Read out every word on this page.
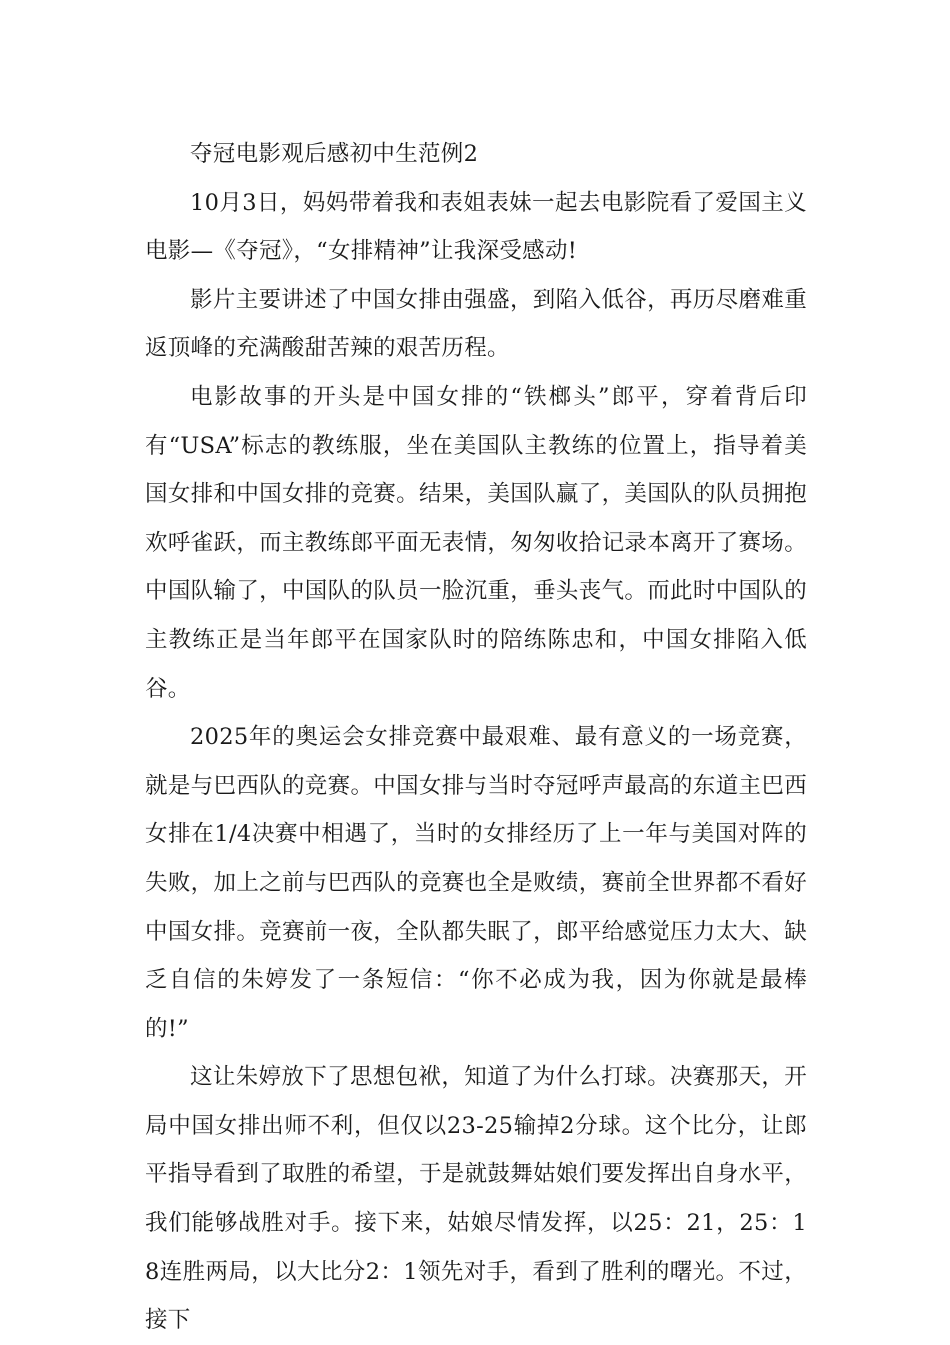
夺冠电影观后感初中生范例2

10月3日，妈妈带着我和表姐表妹一起去电影院看了爱国主义电影—《夺冠》，“女排精神”让我深受感动!

影片主要讲述了中国女排由强盛，到陷入低谷，再历尽磨难重返顶峰的充满酸甜苦辣的艰苦历程。

电影故事的开头是中国女排的“铁榔头”郎平，穿着背后印有“USA”标志的教练服，坐在美国队主教练的位置上，指导着美国女排和中国女排的竞赛。结果，美国队赢了，美国队的队员拥抱欢呼雀跃，而主教练郎平面无表情，匆匆收拾记录本离开了赛场。中国队输了，中国队的队员一脸沉重，垂头丧气。而此时中国队的主教练正是当年郎平在国家队时的陪练陈忠和，中国女排陷入低谷。

2025年的奥运会女排竞赛中最艰难、最有意义的一场竞赛，就是与巴西队的竞赛。中国女排与当时夺冠呼声最高的东道主巴西女排在1/4决赛中相遇了，当时的女排经历了上一年与美国对阵的失败，加上之前与巴西队的竞赛也全是败绩，赛前全世界都不看好中国女排。竞赛前一夜，全队都失眠了，郎平给感觉压力太大、缺乏自信的朱婷发了一条短信：“你不必成为我，因为你就是最棒的!”

这让朱婷放下了思想包袱，知道了为什么打球。决赛那天，开局中国女排出师不利，但仅以23-25输掉2分球。这个比分，让郎平指导看到了取胜的希望，于是就鼓舞姑娘们要发挥出自身水平，我们能够战胜对手。接下来，姑娘尽情发挥，以25：21，25：18连胜两局，以大比分2：1领先对手，看到了胜利的曙光。不过，接下
